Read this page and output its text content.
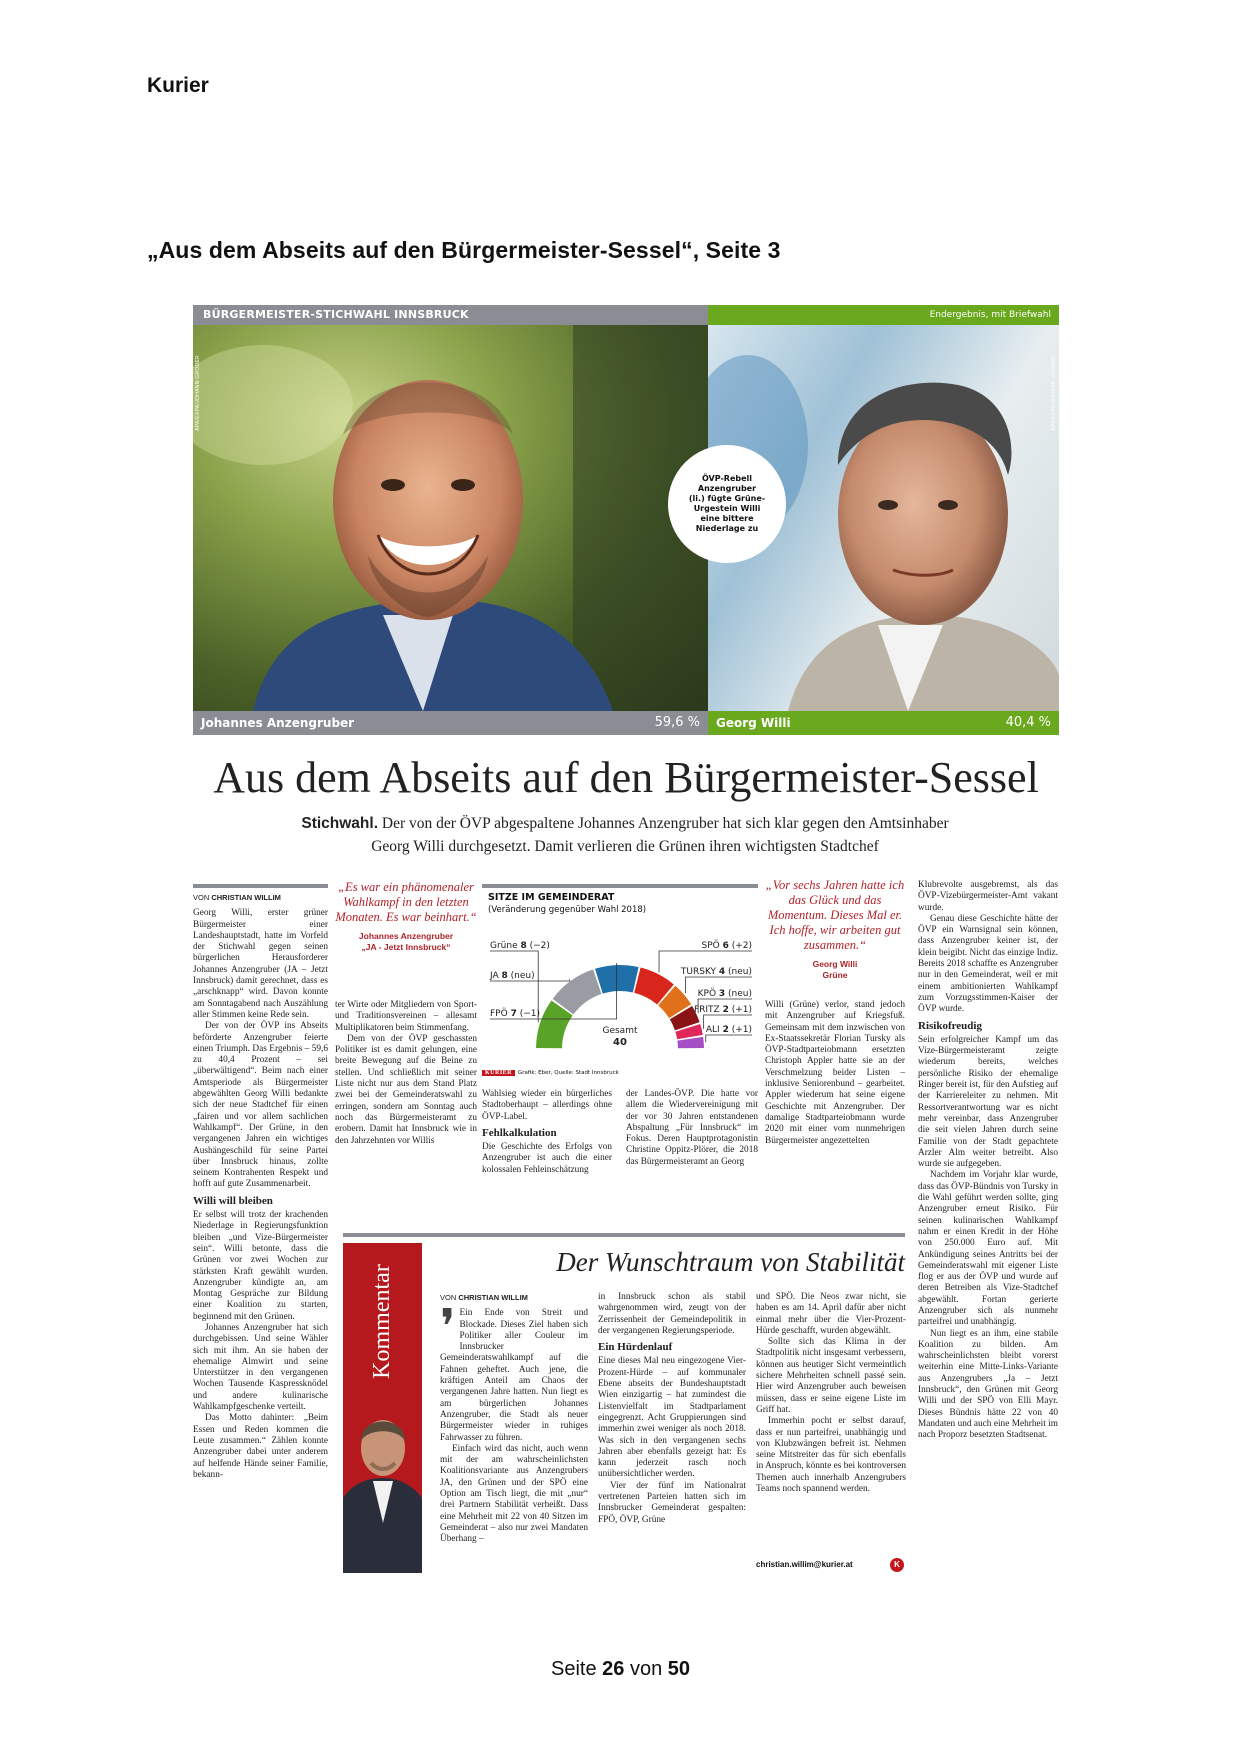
Kurier
„Aus dem Abseits auf den Bürgermeister-Sessel“, Seite 3
BÜRGERMEISTER-STICHWAHL INNSBRUCK	Endergebnis, mit Briefwahl
APA/EXPA/JOHANN GRODER	APA/EXPA/JOHANN GRODER
ÖVP-Rebell
Anzengruber
(li.) fügte Grüne-
Urgestein Willi
eine bittere
Niederlage zu
Johannes Anzengruber	59,6 %	Georg Willi	40,4 %
Aus dem Abseits auf den Bürgermeister-Sessel
Stichwahl. Der von der ÖVP abgespaltene Johannes Anzengruber hat sich klar gegen den Amtsinhaber
Georg Willi durchgesetzt. Damit verlieren die Grünen ihren wichtigsten Stadtchef
VON CHRISTIAN WILLIM

Georg Willi, erster grüner Bürgermeister einer Landeshauptstadt, hatte im Vorfeld der Stichwahl gegen seinen bürgerlichen Herausforderer Johannes Anzengruber (JA – Jetzt Innsbruck) damit gerechnet, dass es „arschknapp“ wird. Davon konnte am Sonntagabend nach Auszählung aller Stimmen keine Rede sein.

Der von der ÖVP ins Abseits beförderte Anzengruber feierte einen Triumph. Das Ergebnis – 59,6 zu 40,4 Prozent – sei „überwältigend“. Beim nach einer Amtsperiode als Bürgermeister abgewählten Georg Willi bedankte sich der neue Stadtchef für einen „fairen und vor allem sachlichen Wahlkampf“. Der Grüne, in den vergangenen Jahren ein wichtiges Aushängeschild für seine Partei über Innsbruck hinaus, zollte seinem Kontrahenten Respekt und hofft auf gute Zusammenarbeit.

Willi will bleiben

Er selbst will trotz der krachenden Niederlage in Regierungsfunktion bleiben „und Vize-Bürgermeister sein“. Willi betonte, dass die Grünen vor zwei Wochen zur stärksten Kraft gewählt wurden. Anzengruber kündigte an, am Montag Gespräche zur Bildung einer Koalition zu starten, beginnend mit den Grünen.

Johannes Anzengruber hat sich durchgebissen. Und seine Wähler sich mit ihm. An sie haben der ehemalige Almwirt und seine Unterstützer in den vergangenen Wochen Tausende Kaspressknödel und andere kulinarische Wahlkampfgeschenke verteilt.

Das Motto dahinter: „Beim Essen und Reden kommen die Leute zusammen.“ Zählen konnte Anzengruber dabei unter anderem auf helfende Hände seiner Familie, bekann-

„Es war ein phänomenaler Wahlkampf in den letzten Monaten. Es war beinhart.“
Johannes Anzengruber
„JA - Jetzt Innsbruck“

ter Wirte oder Mitgliedern von Sport- und Traditionsvereinen – allesamt Multiplikatoren beim Stimmenfang.

Dem von der ÖVP geschassten Politiker ist es damit gelungen, eine breite Bewegung auf die Beine zu stellen. Und schließlich mit seiner Liste nicht nur aus dem Stand Platz zwei bei der Gemeinderatswahl zu erringen, sondern am Sonntag auch noch das Bürgermeisteramt zu erobern. Damit hat Innsbruck wie in den Jahrzehnten vor Willis

SITZE IM GEMEINDERAT
(Veränderung gegenüber Wahl 2018)
Grüne 8 (−2)
JA 8 (neu)
FPÖ 7 (−1)
SPÖ 6 (+2)
TURSKY 4 (neu)
KPÖ 3 (neu)
FRITZ 2 (+1)
ALI 2 (+1)
Gesamt
40
KURIER Grafik: Eber, Quelle: Stadt Innsbruck

Wahlsieg wieder ein bürgerliches Stadtoberhaupt – allerdings ohne ÖVP-Label.

Fehlkalkulation

Die Geschichte des Erfolgs von Anzengruber ist auch die einer kolossalen Fehleinschätzung

der Landes-ÖVP. Die hatte vor allem die Wiedervereinigung mit der vor 30 Jahren entstandenen Abspaltung „Für Innsbruck“ im Fokus. Deren Hauptprotagonistin Christine Oppitz-Plörer, die 2018 das Bürgermeisteramt an Georg

„Vor sechs Jahren hatte ich das Glück und das Momentum. Dieses Mal er. Ich hoffe, wir arbeiten gut zusammen.“
Georg Willi
Grüne

Willi (Grüne) verlor, stand jedoch mit Anzengruber auf Kriegsfuß. Gemeinsam mit dem inzwischen von Ex-Staatssekretär Florian Tursky als ÖVP-Stadtparteiobmann ersetzten Christoph Appler hatte sie an der Verschmelzung beider Listen – inklusive Seniorenbund – gearbeitet. Appler wiederum hat seine eigene Geschichte mit Anzengruber. Der damalige Stadtparteiobmann wurde 2020 mit einer vom nunmehrigen Bürgermeister angezettelten

Klubrevolte ausgebremst, als das ÖVP-Vizebürgermeister-Amt vakant wurde.

Genau diese Geschichte hätte der ÖVP ein Warnsignal sein können, dass Anzengruber keiner ist, der klein beigibt. Nicht das einzige Indiz. Bereits 2018 schaffte es Anzengruber nur in den Gemeinderat, weil er mit einem ambitionierten Wahlkampf zum Vorzugsstimmen-Kaiser der ÖVP wurde.

Risikofreudig

Sein erfolgreicher Kampf um das Vize-Bürgermeisteramt zeigte wiederum bereits, welches persönliche Risiko der ehemalige Ringer bereit ist, für den Aufstieg auf der Karriereleiter zu nehmen. Mit Ressortverantwortung war es nicht mehr vereinbar, dass Anzengruber die seit vielen Jahren durch seine Familie von der Stadt gepachtete Arzler Alm weiter betreibt. Also wurde sie aufgegeben.

Nachdem im Vorjahr klar wurde, dass das ÖVP-Bündnis von Tursky in die Wahl geführt werden sollte, ging Anzengruber erneut Risiko. Für seinen kulinarischen Wahlkampf nahm er einen Kredit in der Höhe von 250.000 Euro auf. Mit Ankündigung seines Antritts bei der Gemeinderatswahl mit eigener Liste flog er aus der ÖVP und wurde auf deren Betreiben als Vize-Stadtchef abgewählt. Fortan gerierte Anzengruber sich als nunmehr parteifrei und unabhängig.

Nun liegt es an ihm, eine stabile Koalition zu bilden. Am wahrscheinlichsten bleibt vorerst weiterhin eine Mitte-Links-Variante aus Anzengrubers „Ja – Jetzt Innsbruck“, den Grünen mit Georg Willi und der SPÖ von Elli Mayr. Dieses Bündnis hätte 22 von 40 Mandaten und auch eine Mehrheit im nach Proporz besetzten Stadtsenat.

Kommentar
Der Wunschtraum von Stabilität
VON CHRISTIAN WILLIM
❜ Ein Ende von Streit und Blockade. Dieses Ziel haben sich Politiker aller Couleur im Innsbrucker Gemeinderatswahlkampf auf die Fahnen geheftet. Auch jene, die kräftigen Anteil am Chaos der vergangenen Jahre hatten. Nun liegt es am bürgerlichen Johannes Anzengruber, die Stadt als neuer Bürgermeister wieder in ruhiges Fahrwasser zu führen.

Einfach wird das nicht, auch wenn mit der am wahrscheinlichsten Koalitionsvariante aus Anzengrubers JA, den Grünen und der SPÖ eine Option am Tisch liegt, die mit „nur“ drei Partnern Stabilität verheißt. Dass eine Mehrheit mit 22 von 40 Sitzen im Gemeinderat – also nur zwei Mandaten Überhang –

in Innsbruck schon als stabil wahrgenommen wird, zeugt von der Zerrissenheit der Gemeindepolitik in der vergangenen Regierungsperiode.

Ein Hürdenlauf

Eine dieses Mal neu eingezogene Vier-Prozent-Hürde – auf kommunaler Ebene abseits der Bundeshauptstadt Wien einzigartig – hat zumindest die Listenvielfalt im Stadtparlament eingegrenzt. Acht Gruppierungen sind immerhin zwei weniger als noch 2018. Was sich in den vergangenen sechs Jahren aber ebenfalls gezeigt hat: Es kann jederzeit rasch noch unübersichtlicher werden.

Vier der fünf im Nationalrat vertretenen Parteien hatten sich im Innsbrucker Gemeinderat gespalten: FPÖ, ÖVP, Grüne

und SPÖ. Die Neos zwar nicht, sie haben es am 14. April dafür aber nicht einmal mehr über die Vier-Prozent-Hürde geschafft, wurden abgewählt.

Sollte sich das Klima in der Stadtpolitik nicht insgesamt verbessern, können aus heutiger Sicht vermeintlich sichere Mehrheiten schnell passé sein. Hier wird Anzengruber auch beweisen müssen, dass er seine eigene Liste im Griff hat.

Immerhin pocht er selbst darauf, dass er nun parteifrei, unabhängig und von Klubzwängen befreit ist. Nehmen seine Mitstreiter das für sich ebenfalls in Anspruch, könnte es bei kontroversen Themen auch innerhalb Anzengrubers Teams noch spannend werden.

christian.willim@kurier.at	K
Seite 26 von 50
